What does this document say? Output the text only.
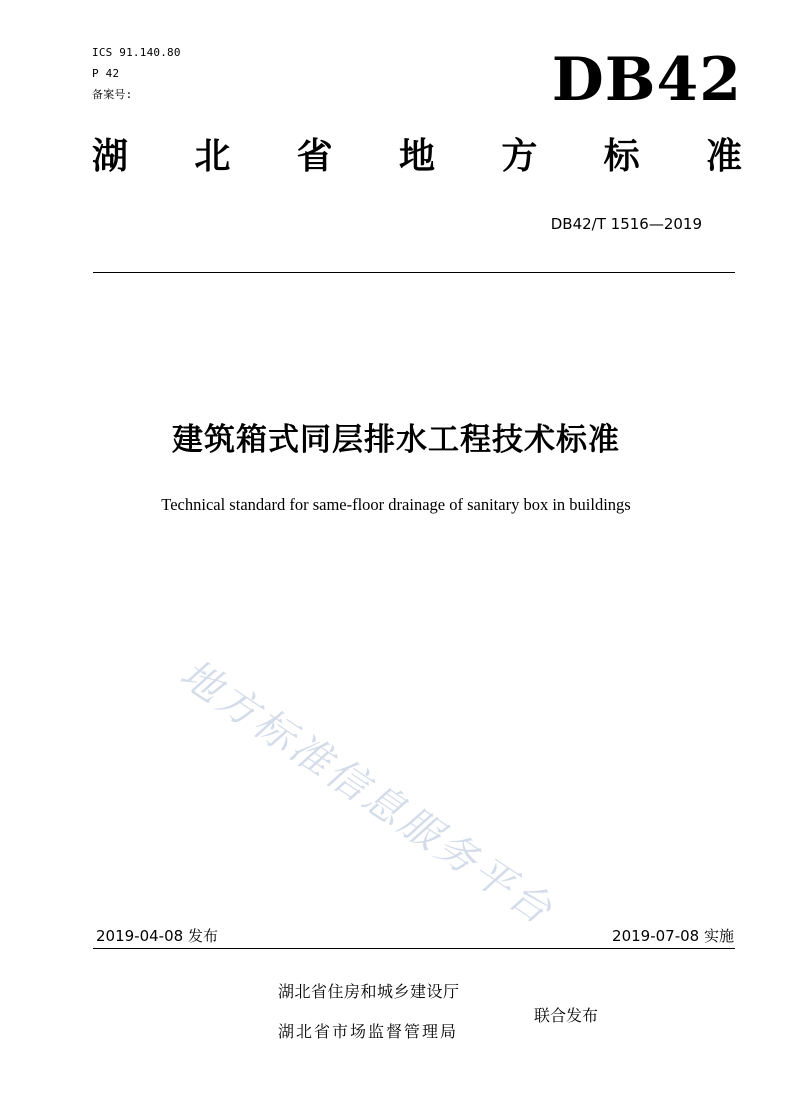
ICS 91.140.80
P 42
备案号:	DB42
湖 北 省 地 方 标 准
DB42/T 1516—2019
建筑箱式同层排水工程技术标准
Technical standard for same-floor drainage of sanitary box in buildings
地方标准信息服务平台
2019-04-08 发布	2019-07-08 实施
湖北省住房和城乡建设厅
湖北省市场监督管理局
联合发布
